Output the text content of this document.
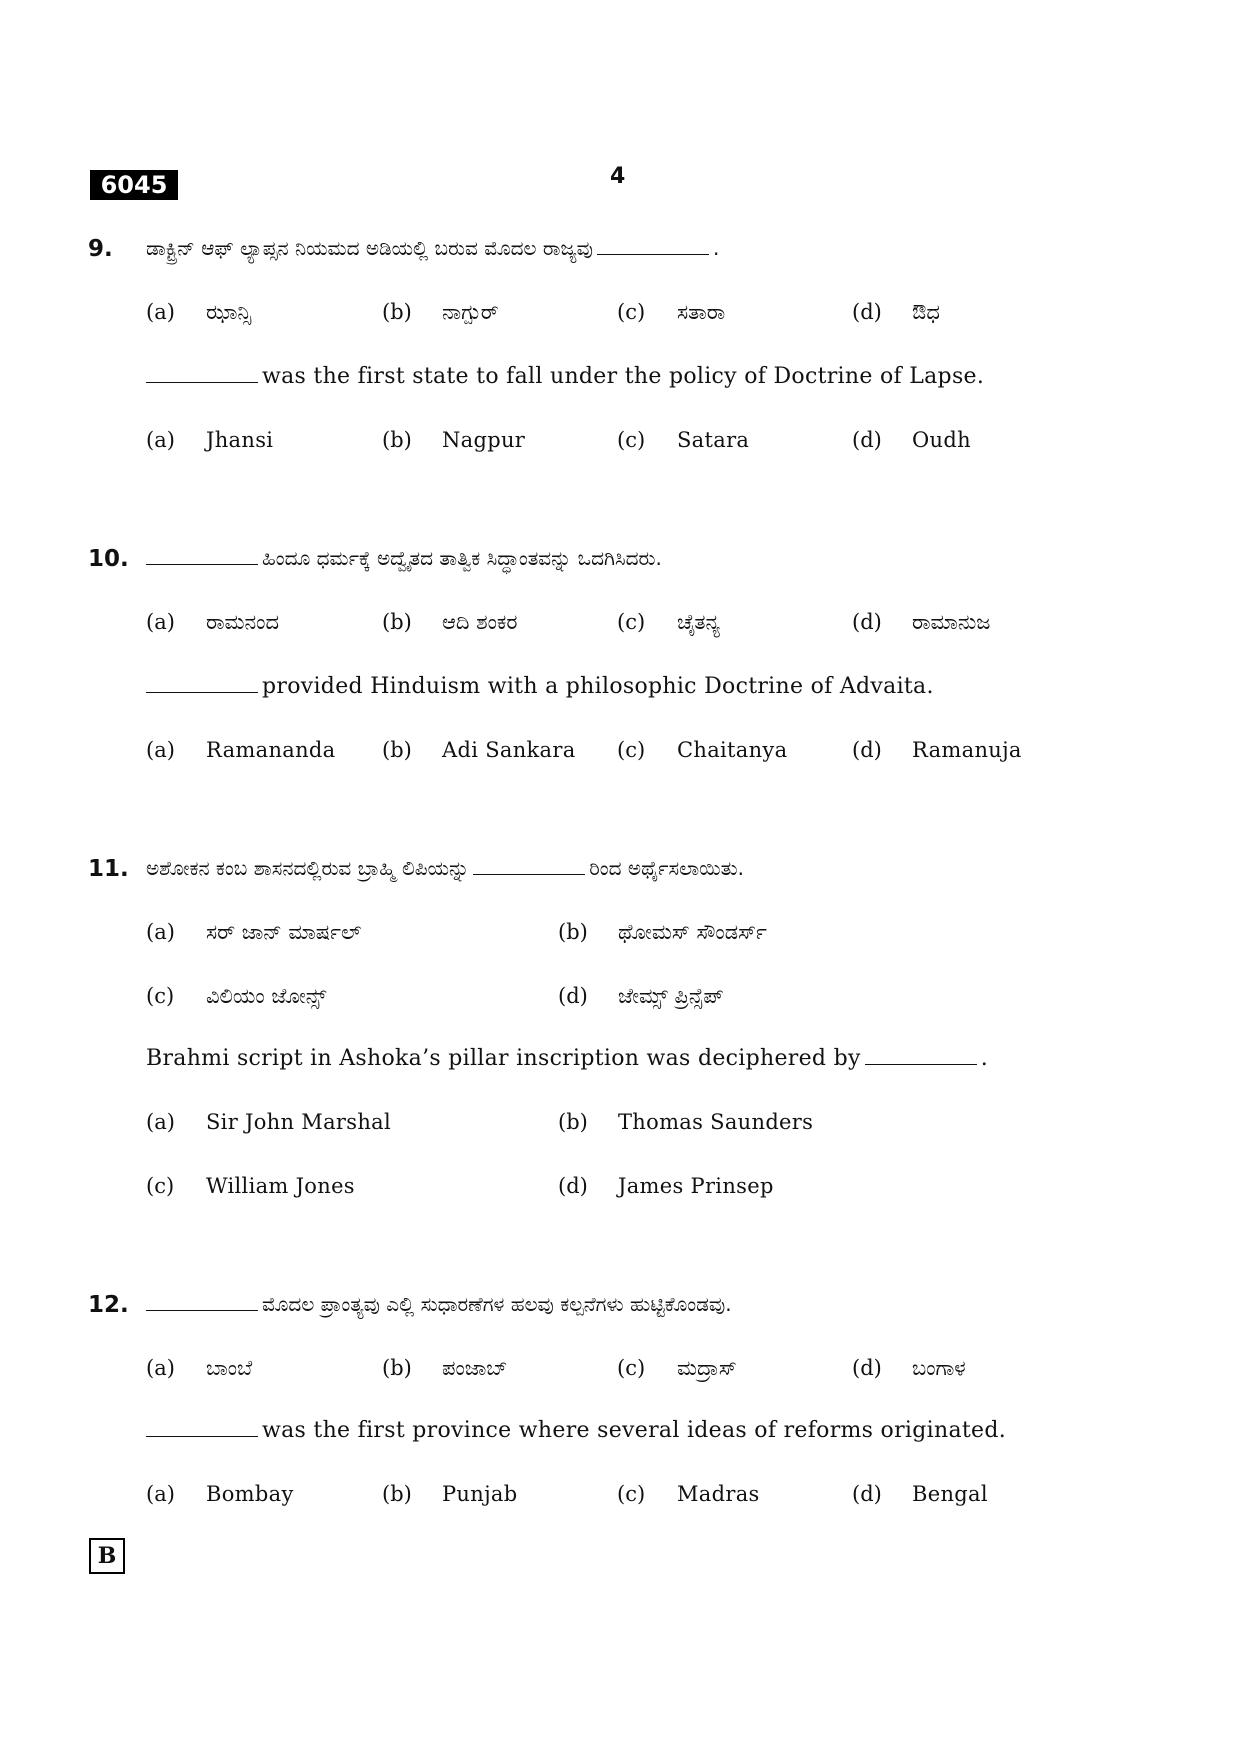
6045	4
9. ಡಾಕ್ಟ್ರಿನ್ ಆಫ್ ಲ್ಯಾಪ್ಸನ ನಿಯಮದ ಅಡಿಯಲ್ಲಿ ಬರುವ ಮೊದಲ ರಾಜ್ಯವು	.
(a) ಝಾನ್ಸಿ	(b) ನಾಗ್ಪುರ್	(c) ಸತಾರಾ	(d) ಔಧ
was the first state to fall under the policy of Doctrine of Lapse.
(a) Jhansi	(b) Nagpur	(c) Satara	(d) Oudh
10.	ಹಿಂದೂ ಧರ್ಮಕ್ಕೆ ಅದ್ವೈತದ ತಾತ್ವಿಕ ಸಿದ್ಧಾಂತವನ್ನು ಒದಗಿಸಿದರು.
(a) ರಾಮನಂದ	(b) ಆದಿ ಶಂಕರ	(c) ಚೈತನ್ಯ	(d) ರಾಮಾನುಜ
provided Hinduism with a philosophic Doctrine of Advaita.
(a) Ramananda (b) Adi Sankara (c) Chaitanya	(d) Ramanuja
11. ಅಶೋಕನ ಕಂಬ ಶಾಸನದಲ್ಲಿರುವ ಬ್ರಾಹ್ಮಿ ಲಿಪಿಯನ್ನು	ರಿಂದ ಅರ್ಥೈಸಲಾಯಿತು.
(a) ಸರ್ ಜಾನ್ ಮಾರ್ಷಲ್	(b) ಥೋಮಸ್ ಸೌಂಡರ್ಸ್
(c) ವಿಲಿಯಂ ಜೋನ್ಸ್	(d) ಜೇಮ್ಸ್ ಪ್ರಿನ್ಸೆಪ್
Brahmi script in Ashoka’s pillar inscription was deciphered by	.
(a) Sir John Marshal	(b) Thomas Saunders
(c) William Jones	(d) James Prinsep
12.	ಮೊದಲ ಪ್ರಾಂತ್ಯವು ಎಲ್ಲಿ ಸುಧಾರಣೆಗಳ ಹಲವು ಕಲ್ಪನೆಗಳು ಹುಟ್ಟಿಕೊಂಡವು.
(a) ಬಾಂಬೆ	(b) ಪಂಜಾಬ್	(c) ಮದ್ರಾಸ್	(d) ಬಂಗಾಳ
was the first province where several ideas of reforms originated.
(a) Bombay	(b) Punjab	(c) Madras	(d) Bengal
B
